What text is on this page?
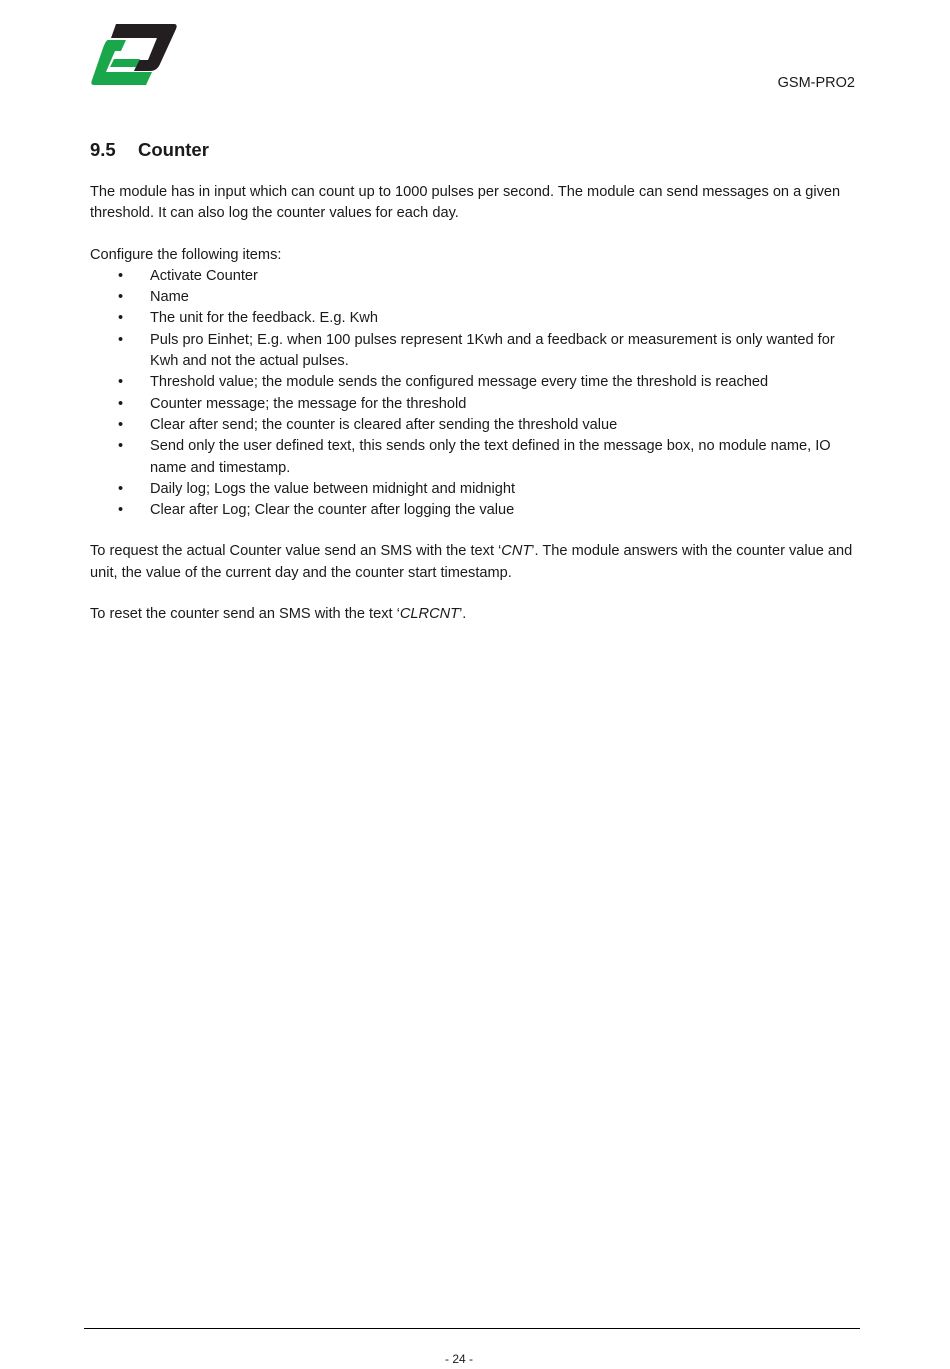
GSM-PRO2
9.5 Counter

The module has in input which can count up to 1000 pulses per second. The module can send messages on a given threshold. It can also log the counter values for each day.

Configure the following items:

• Activate Counter
• Name
• The unit for the feedback. E.g. Kwh
• Puls pro Einhet; E.g. when 100 pulses represent 1Kwh and a feedback or measurement is only wanted for Kwh and not the actual pulses.
• Threshold value; the module sends the configured message every time the threshold is reached
• Counter message; the message for the threshold
• Clear after send; the counter is cleared after sending the threshold value
• Send only the user defined text, this sends only the text defined in the message box, no module name, IO name and timestamp.
• Daily log; Logs the value between midnight and midnight
• Clear after Log; Clear the counter after logging the value

To request the actual Counter value send an SMS with the text ‘CNT’. The module answers with the counter value and unit, the value of the current day and the counter start timestamp.

To reset the counter send an SMS with the text ‘CLRCNT’.

- 24 -
